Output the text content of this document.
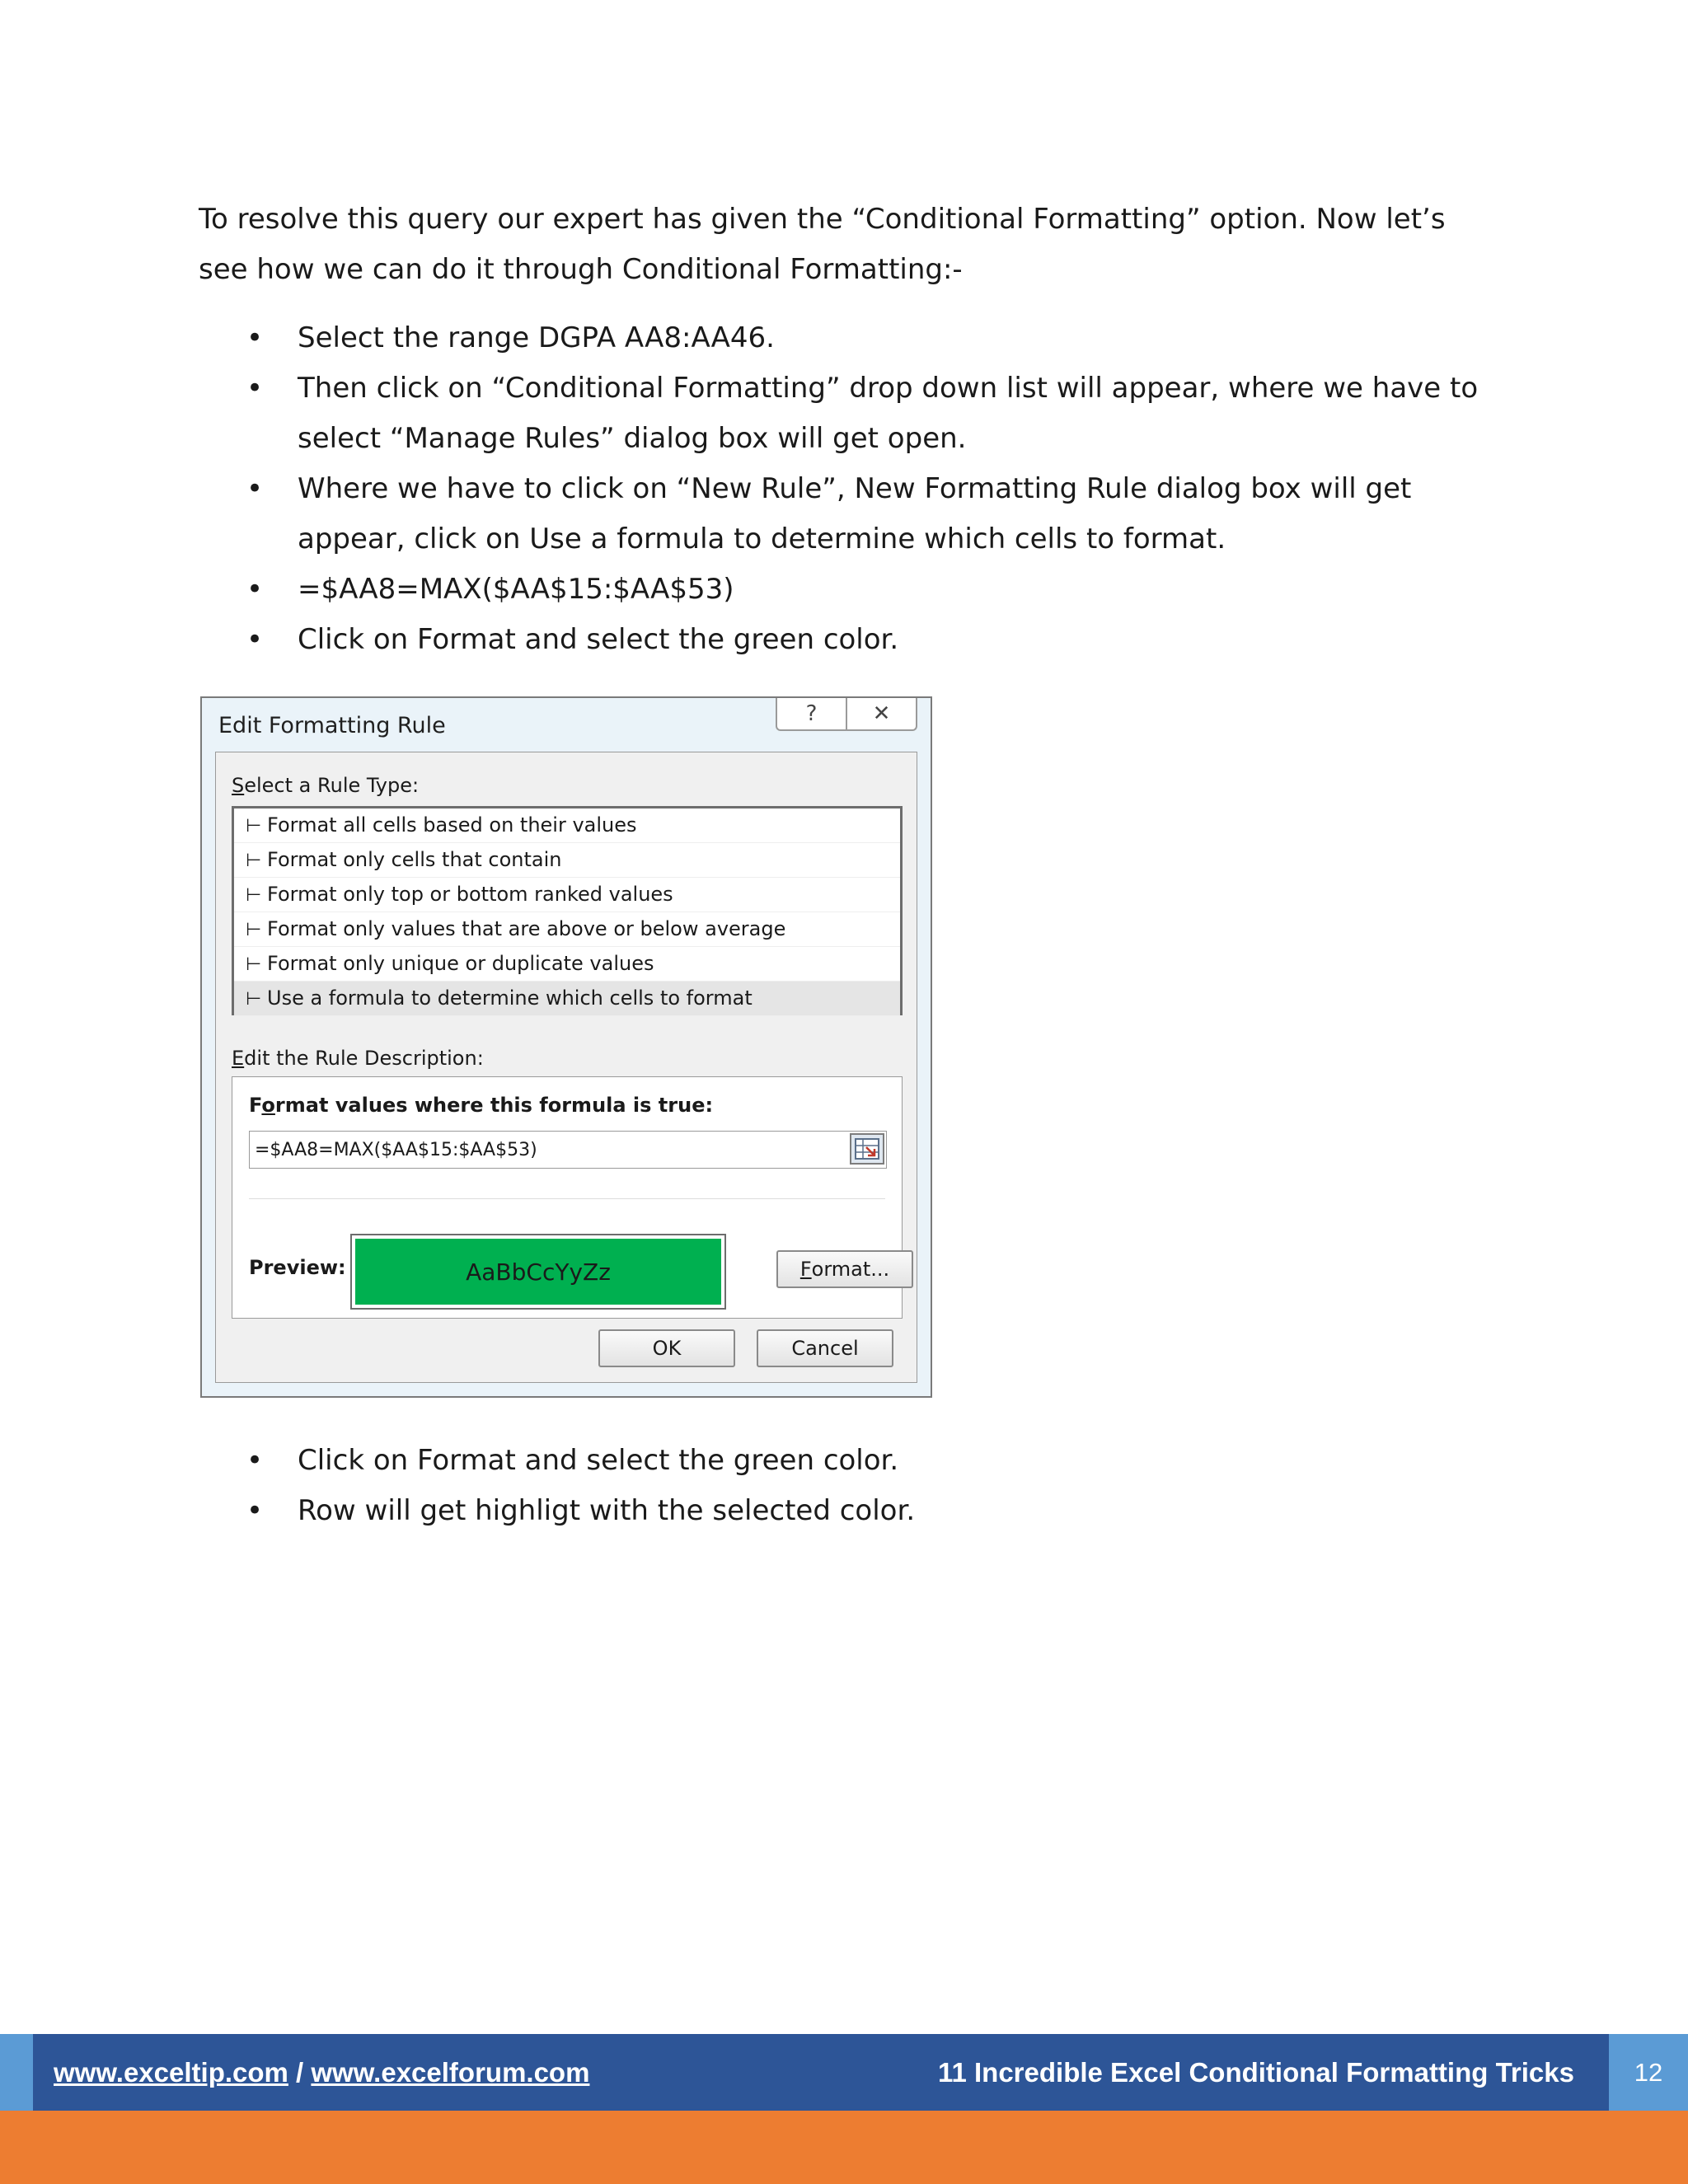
To resolve this query our expert has given the “Conditional Formatting” option. Now let’s
see how we can do it through Conditional Formatting:-

• Select the range DGPA AA8:AA46.
• Then click on “Conditional Formatting” drop down list will appear, where we have to select “Manage Rules” dialog box will get open.
• Where we have to click on “New Rule”, New Formatting Rule dialog box will get appear, click on Use a formula to determine which cells to format.
• =$AA8=MAX($AA$15:$AA$53)
• Click on Format and select the green color.
Edit Formatting Rule	?	✕
Select a Rule Type:
⊢ Format all cells based on their values
⊢ Format only cells that contain
⊢ Format only top or bottom ranked values
⊢ Format only values that are above or below average
⊢ Format only unique or duplicate values
⊢ Use a formula to determine which cells to format
Edit the Rule Description:
Format values where this formula is true:
=$AA8=MAX($AA$15:$AA$53)
Preview:	AaBbCcYyZz	F ormat...
OK	Cancel
• Click on Format and select the green color.
• Row will get highligt with the selected color.
www.exceltip.com / www.excelforum.com	11 Incredible Excel Conditional Formatting Tricks	12
